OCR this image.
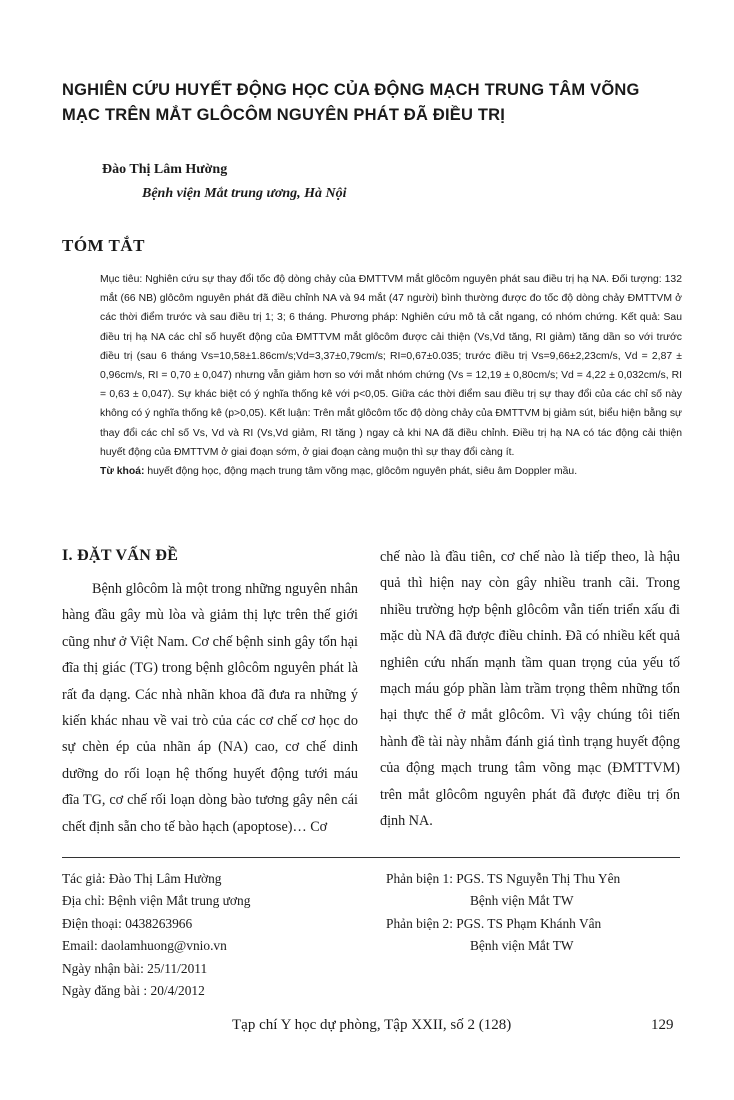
NGHIÊN CỨU HUYẾT ĐỘNG HỌC CỦA ĐỘNG MẠCH TRUNG TÂM VÕNG
MẠC TRÊN MẮT GLÔCÔM NGUYÊN PHÁT ĐÃ ĐIỀU TRỊ
Đào Thị Lâm Hường
Bệnh viện Mắt trung ương, Hà Nội
TÓM TẮT

Mục tiêu: Nghiên cứu sự thay đổi tốc độ dòng chảy của ĐMTTVM mắt glôcôm nguyên phát sau điều trị hạ NA. Đối tượng: 132 mắt (66 NB) glôcôm nguyên phát đã điều chỉnh NA và 94 mắt (47 người) bình thường được đo tốc độ dòng chảy ĐMTTVM ở các thời điểm trước và sau điều trị 1; 3; 6 tháng. Phương pháp: Nghiên cứu mô tả cắt ngang, có nhóm chứng. Kết quả: Sau điều trị hạ NA các chỉ số huyết động của ĐMTTVM mắt glôcôm được cải thiện (Vs,Vd tăng, RI giảm) tăng dần so với trước điều trị (sau 6 tháng Vs=10,58±1.86cm/s;Vd=3,37±0,79cm/s; RI=0,67±0.035; trước điều trị Vs=9,66±2,23cm/s, Vd = 2,87 ± 0,96cm/s, RI = 0,70 ± 0,047) nhưng vẫn giảm hơn so với mắt nhóm chứng (Vs = 12,19 ± 0,80cm/s; Vd = 4,22 ± 0,032cm/s, RI = 0,63 ± 0,047). Sự khác biệt có ý nghĩa thống kê với p<0,05. Giữa các thời điểm sau điều trị sự thay đổi của các chỉ số này không có ý nghĩa thống kê (p>0,05). Kết luận: Trên mắt glôcôm tốc độ dòng chảy của ĐMTTVM bị giảm sút, biểu hiện bằng sự thay đổi các chỉ số Vs, Vd và RI (Vs,Vd giảm, RI tăng ) ngay cả khi NA đã điều chỉnh. Điều trị hạ NA có tác động cải thiện huyết động của ĐMTTVM ở giai đoạn sớm, ở giai đoạn càng muộn thì sự thay đổi càng ít.

Từ khoá: huyết động học, động mạch trung tâm võng mạc, glôcôm nguyên phát, siêu âm Doppler mầu.

I. ĐẶT VẤN ĐỀ

Bệnh glôcôm là một trong những nguyên nhân hàng đầu gây mù lòa và giảm thị lực trên thế giới cũng như ở Việt Nam. Cơ chế bệnh sinh gây tổn hại đĩa thị giác (TG) trong bệnh glôcôm nguyên phát là rất đa dạng. Các nhà nhãn khoa đã đưa ra những ý kiến khác nhau về vai trò của các cơ chế cơ học do sự chèn ép của nhãn áp (NA) cao, cơ chế dinh dưỡng do rối loạn hệ thống huyết động tưới máu đĩa TG, cơ chế rối loạn dòng bào tương gây nên cái chết định sẵn cho tế bào hạch (apoptose)… Cơ

chế nào là đầu tiên, cơ chế nào là tiếp theo, là hậu quả thì hiện nay còn gây nhiều tranh cãi. Trong nhiều trường hợp bệnh glôcôm vẫn tiến triển xấu đi mặc dù NA đã được điều chỉnh. Đã có nhiều kết quả nghiên cứu nhấn mạnh tầm quan trọng của yếu tố mạch máu góp phần làm trầm trọng thêm những tổn hại thực thể ở mắt glôcôm. Vì vậy chúng tôi tiến hành đề tài này nhằm đánh giá tình trạng huyết động của động mạch trung tâm võng mạc (ĐMTTVM) trên mắt glôcôm nguyên phát đã được điều trị ổn định NA.

Tác giả: Đào Thị Lâm Hường
Địa chỉ: Bệnh viện Mắt trung ương
Điện thoại: 0438263966
Email: daolamhuong@vnio.vn
Ngày nhận bài: 25/11/2011
Ngày đăng bài : 20/4/2012
Phản biện 1: PGS. TS Nguyễn Thị Thu Yên
Bệnh viện Mắt TW
Phản biện 2: PGS. TS Phạm Khánh Vân
Bệnh viện Mắt TW
Tạp chí Y học dự phòng, Tập XXII, số 2 (128)	129
